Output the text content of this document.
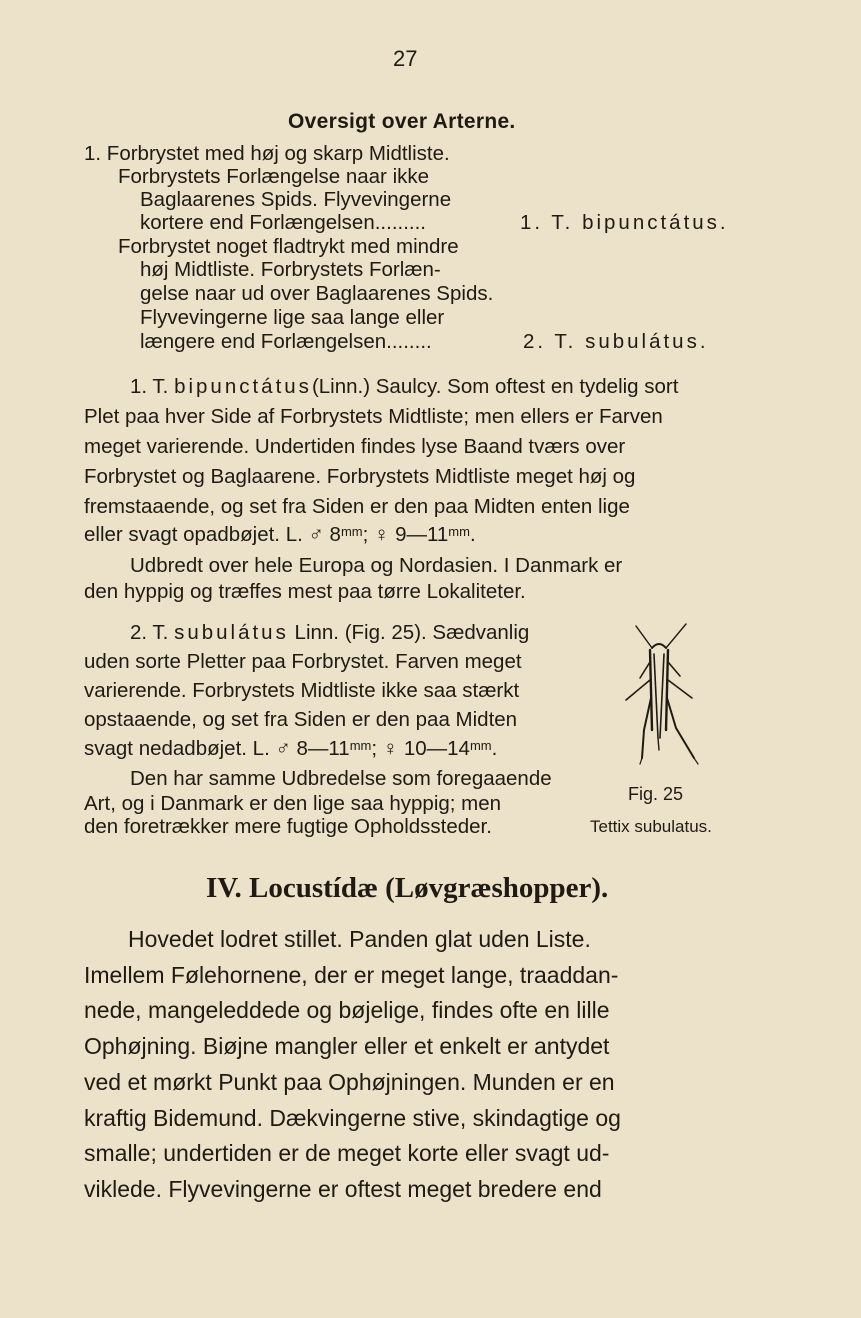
27
Oversigt over Arterne.
1. Forbrystet med høj og skarp Midtliste.
Forbrystets Forlængelse naar ikke
Baglaarenes Spids. Flyvevingerne
kortere end Forlængelsen.........	1. T. bipunctátus.
Forbrystet noget fladtrykt med mindre
høj Midtliste. Forbrystets Forlæn-
gelse naar ud over Baglaarenes Spids.
Flyvevingerne lige saa lange eller
længere end Forlængelsen........	2. T. subulátus.
1. T. bipunctátus(Linn.) Saulcy. Som oftest en tydelig sort
Plet paa hver Side af Forbrystets Midtliste; men ellers er Farven
meget varierende. Undertiden findes lyse Baand tværs over
Forbrystet og Baglaarene. Forbrystets Midtliste meget høj og
fremstaaende, og set fra Siden er den paa Midten enten lige
eller svagt opadbøjet. L. ♂ $8^{mm}$; ♀ $9—11^{mm}$.
Udbredt over hele Europa og Nordasien. I Danmark er
den hyppig og træffes mest paa tørre Lokaliteter.
2. T. subulátus Linn. (Fig. 25). Sædvanlig
uden sorte Pletter paa Forbrystet. Farven meget
varierende. Forbrystets Midtliste ikke saa stærkt
opstaaende, og set fra Siden er den paa Midten
svagt nedadbøjet. L. ♂ $8—11^{mm}$; ♀ $10—14^{mm}$.
Den har samme Udbredelse som foregaaende
Art, og i Danmark er den lige saa hyppig; men
den foretrækker mere fugtige Opholdssteder.
Fig. 25
Tettix subulatus.
IV. Locustídæ (Løvgræshopper).
Hovedet lodret stillet. Panden glat uden Liste.
Imellem Følehornene, der er meget lange, traaddan-
nede, mangeleddede og bøjelige, findes ofte en lille
Ophøjning. Biøjne mangler eller et enkelt er antydet
ved et mørkt Punkt paa Ophøjningen. Munden er en
kraftig Bidemund. Dækvingerne stive, skindagtige og
smalle; undertiden er de meget korte eller svagt ud-
viklede. Flyvevingerne er oftest meget bredere end
